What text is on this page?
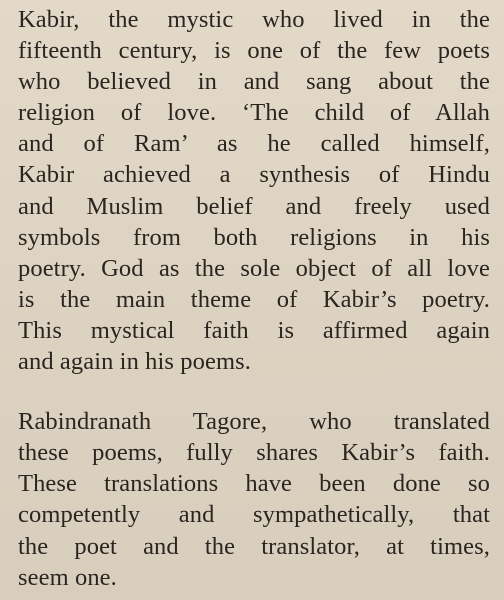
Kabir, the mystic who lived in the
fifteenth century, is one of the few poets
who believed in and sang about the
religion of love. ‘The child of Allah
and of Ram’ as he called himself,
Kabir achieved a synthesis of Hindu
and Muslim belief and freely used
symbols from both religions in his
poetry. God as the sole object of all love
is the main theme of Kabir’s poetry.
This mystical faith is affirmed again
and again in his poems.

Rabindranath Tagore, who translated
these poems, fully shares Kabir’s faith.
These translations have been done so
competently and sympathetically, that
the poet and the translator, at times,
seem one.
